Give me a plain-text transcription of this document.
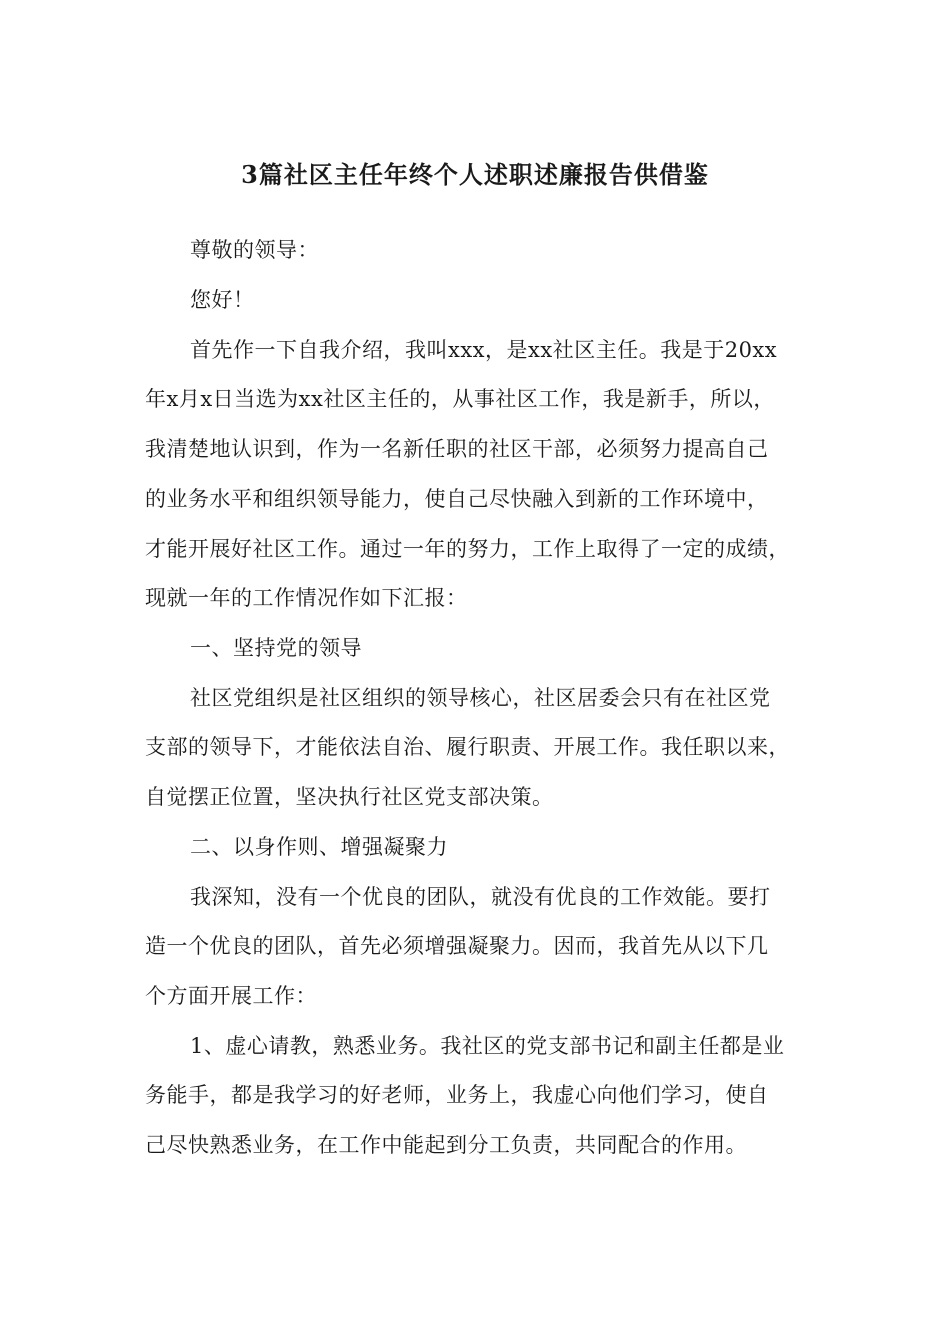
3篇社区主任年终个人述职述廉报告供借鉴
尊敬的领导：
您好！
首先作一下自我介绍，我叫xxx，是xx社区主任。我是于20xx
年x月x日当选为xx社区主任的，从事社区工作，我是新手，所以，
我清楚地认识到，作为一名新任职的社区干部，必须努力提高自己
的业务水平和组织领导能力，使自己尽快融入到新的工作环境中，
才能开展好社区工作。通过一年的努力，工作上取得了一定的成绩，
现就一年的工作情况作如下汇报：
一、坚持党的领导
社区党组织是社区组织的领导核心，社区居委会只有在社区党
支部的领导下，才能依法自治、履行职责、开展工作。我任职以来，
自觉摆正位置，坚决执行社区党支部决策。
二、以身作则、增强凝聚力
我深知，没有一个优良的团队，就没有优良的工作效能。要打
造一个优良的团队，首先必须增强凝聚力。因而，我首先从以下几
个方面开展工作：
1、虚心请教，熟悉业务。我社区的党支部书记和副主任都是业
务能手，都是我学习的好老师，业务上，我虚心向他们学习，使自
己尽快熟悉业务，在工作中能起到分工负责，共同配合的作用。
